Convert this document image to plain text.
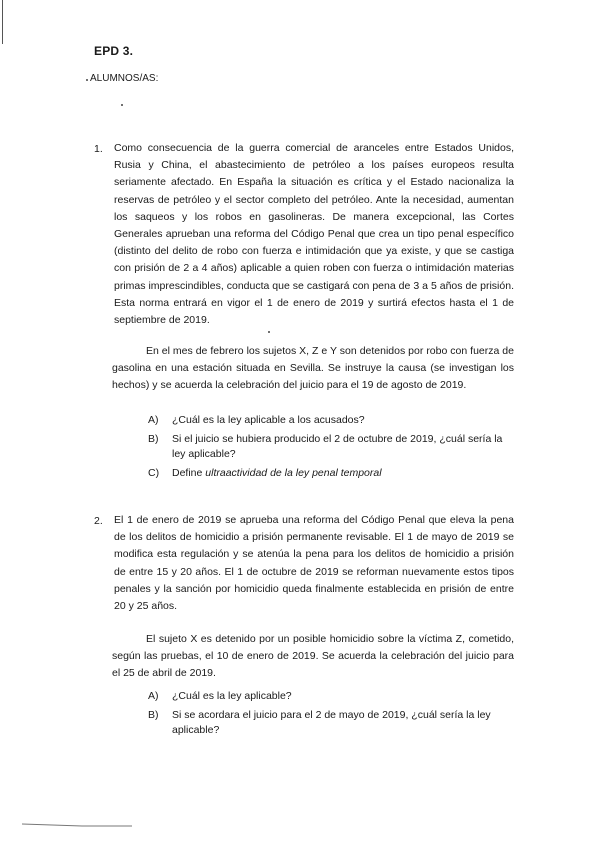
EPD 3.
ALUMNOS/AS:
1.	Como consecuencia de la guerra comercial de aranceles entre Estados Unidos, Rusia y China, el abastecimiento de petróleo a los países europeos resulta seriamente afectado. En España la situación es crítica y el Estado nacionaliza la reservas de petróleo y el sector completo del petróleo. Ante la necesidad, aumentan los saqueos y los robos en gasolineras. De manera excepcional, las Cortes Generales aprueban una reforma del Código Penal que crea un tipo penal específico (distinto del delito de robo con fuerza e intimidación que ya existe, y que se castiga con prisión de 2 a 4 años) aplicable a quien roben con fuerza o intimidación materias primas imprescindibles, conducta que se castigará con pena de 3 a 5 años de prisión. Esta norma entrará en vigor el 1 de enero de 2019 y surtirá efectos hasta el 1 de septiembre de 2019.

En el mes de febrero los sujetos X, Z e Y son detenidos por robo con fuerza de gasolina en una estación situada en Sevilla. Se instruye la causa (se investigan los hechos) y se acuerda la celebración del juicio para el 19 de agosto de 2019.

A) ¿Cuál es la ley aplicable a los acusados?
B) Si el juicio se hubiera producido el 2 de octubre de 2019, ¿cuál sería la ley aplicable?
C) Define ultraactividad de la ley penal temporal
2.	El 1 de enero de 2019 se aprueba una reforma del Código Penal que eleva la pena de los delitos de homicidio a prisión permanente revisable. El 1 de mayo de 2019 se modifica esta regulación y se atenúa la pena para los delitos de homicidio a prisión de entre 15 y 20 años. El 1 de octubre de 2019 se reforman nuevamente estos tipos penales y la sanción por homicidio queda finalmente establecida en prisión de entre 20 y 25 años.

El sujeto X es detenido por un posible homicidio sobre la víctima Z, cometido, según las pruebas, el 10 de enero de 2019. Se acuerda la celebración del juicio para el 25 de abril de 2019.

A) ¿Cuál es la ley aplicable?
B) Si se acordara el juicio para el 2 de mayo de 2019, ¿cuál sería la ley aplicable?
